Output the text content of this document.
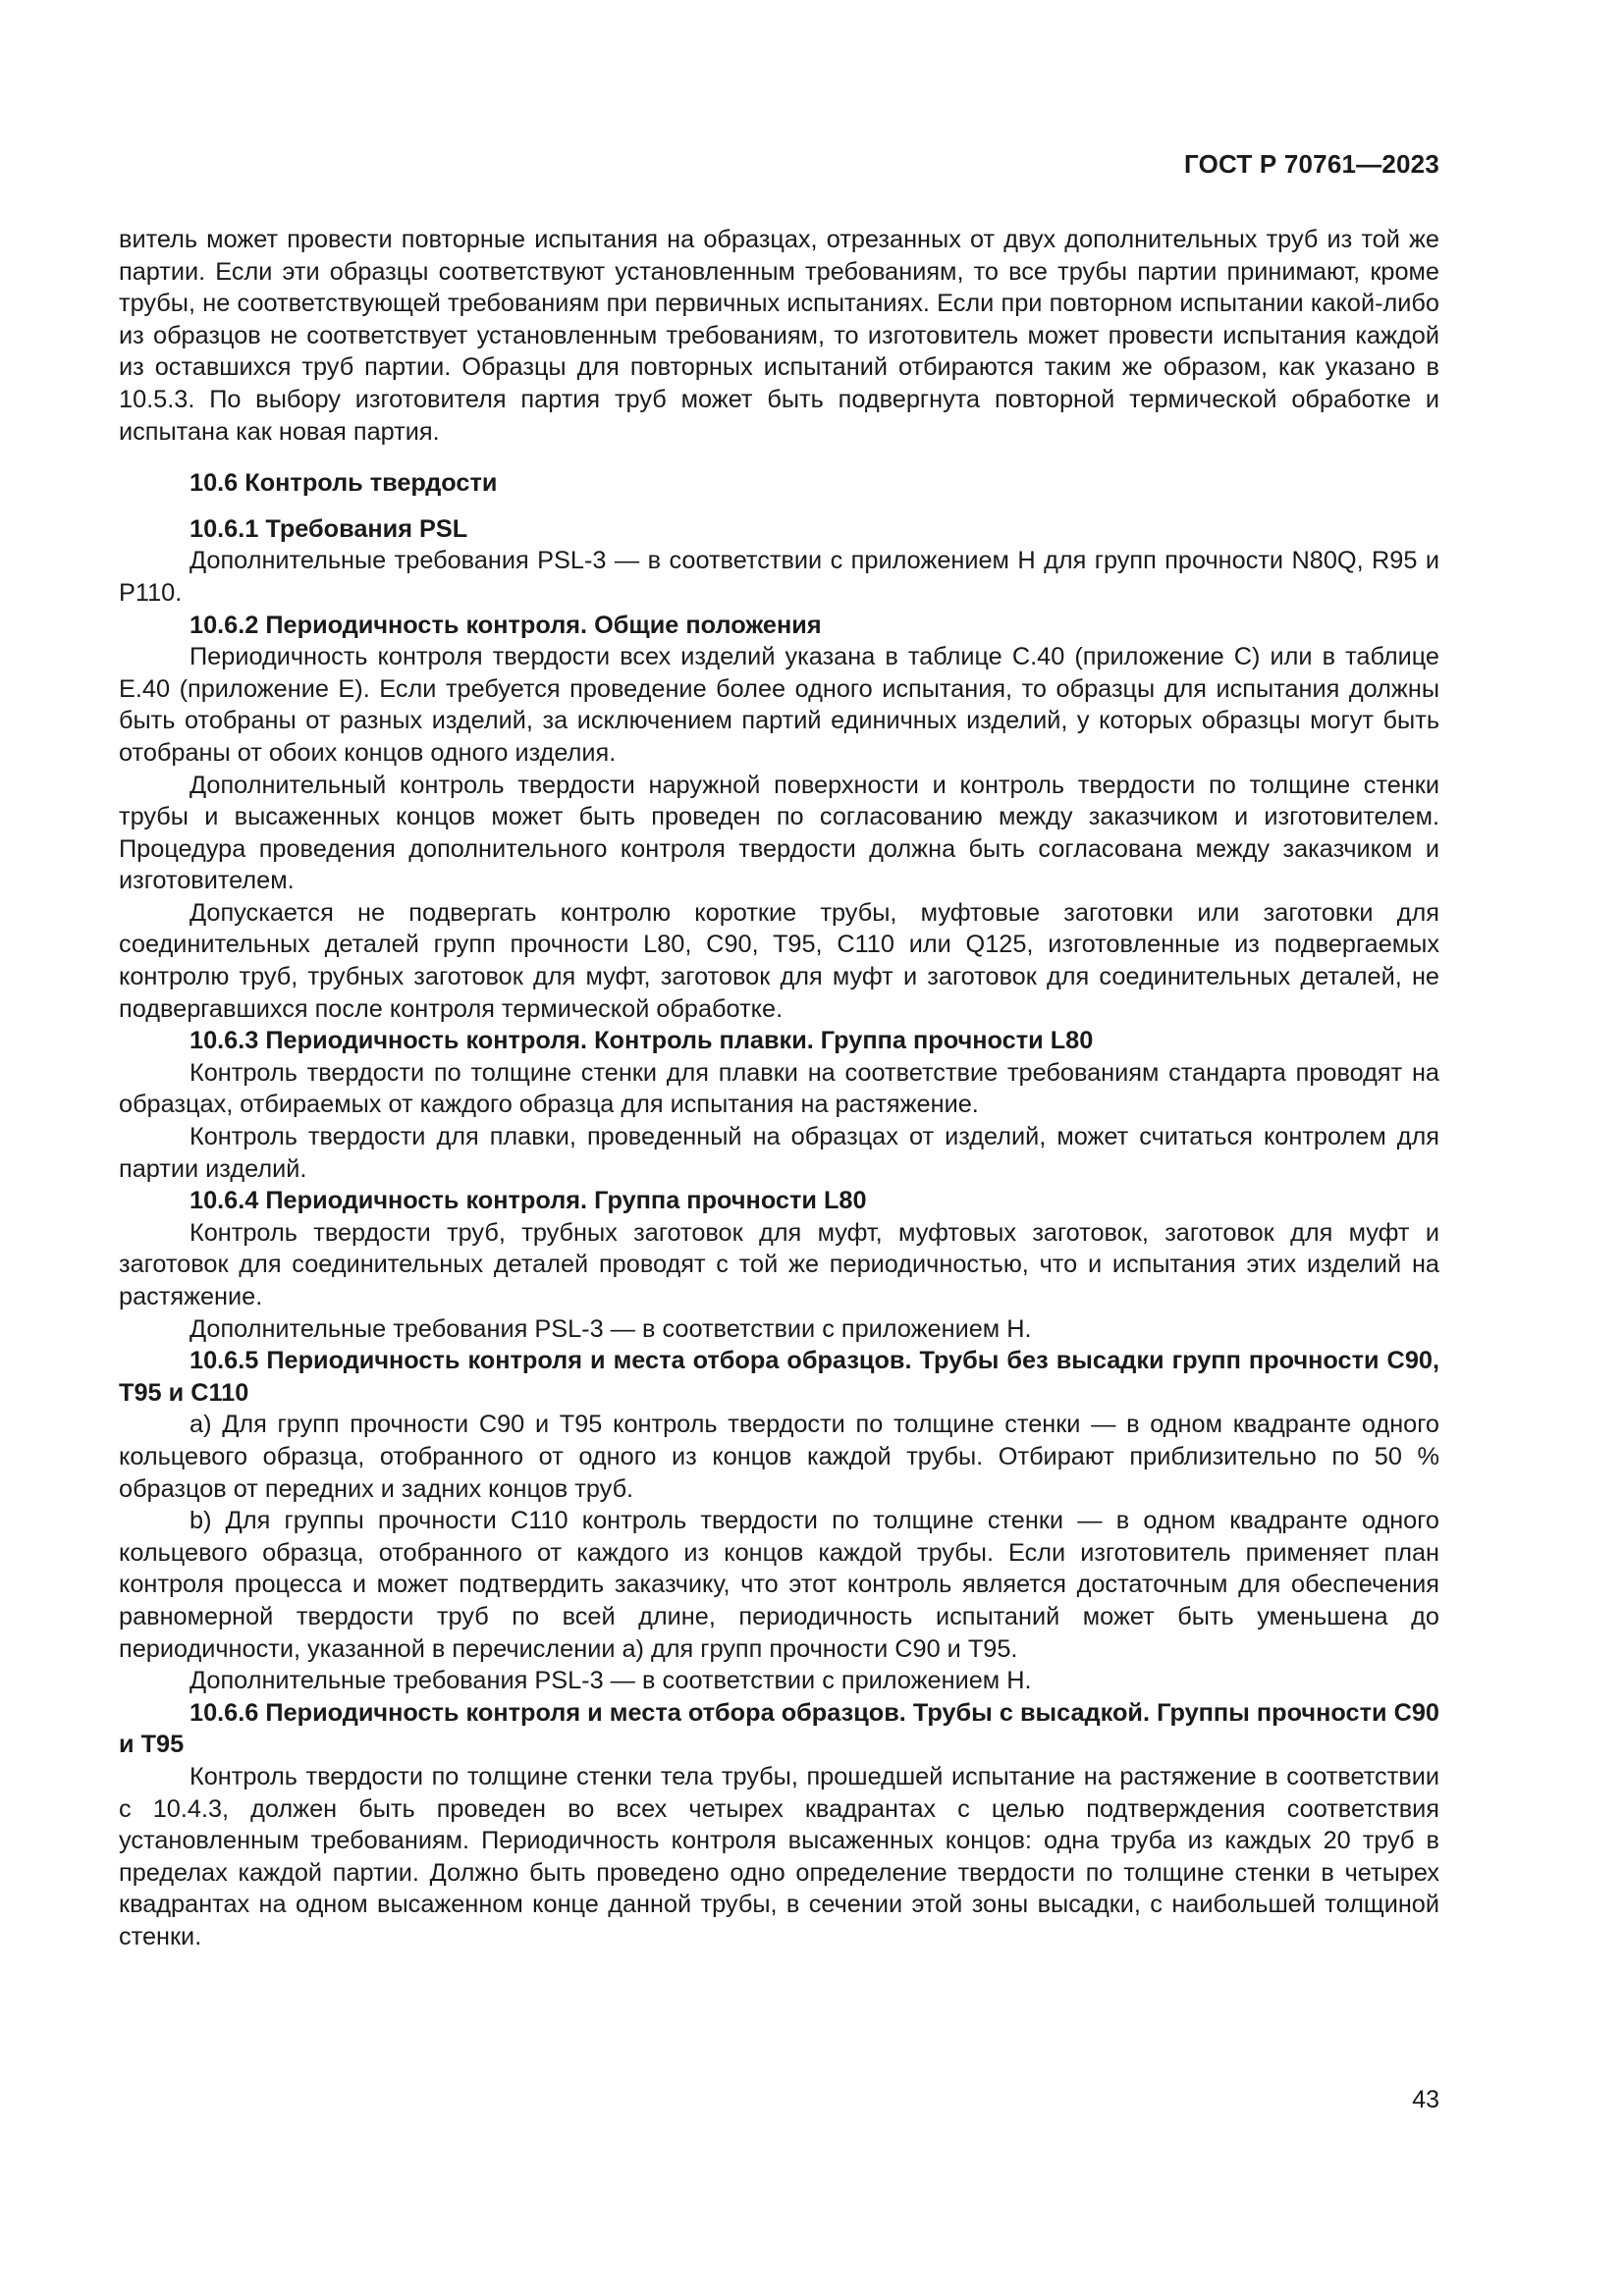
ГОСТ Р 70761—2023

витель может провести повторные испытания на образцах, отрезанных от двух дополнительных труб из той же партии. Если эти образцы соответствуют установленным требованиям, то все трубы партии принимают, кроме трубы, не соответствующей требованиям при первичных испытаниях. Если при повторном испытании какой-либо из образцов не соответствует установленным требованиям, то изготовитель может провести испытания каждой из оставшихся труб партии. Образцы для повторных испытаний отбираются таким же образом, как указано в 10.5.3. По выбору изготовителя партия труб может быть подвергнута повторной термической обработке и испытана как новая партия.

10.6 Контроль твердости

10.6.1 Требования PSL

Дополнительные требования PSL-3 — в соответствии с приложением Н для групп прочности N80Q, R95 и P110.

10.6.2 Периодичность контроля. Общие положения

Периодичность контроля твердости всех изделий указана в таблице С.40 (приложение С) или в таблице Е.40 (приложение Е). Если требуется проведение более одного испытания, то образцы для испытания должны быть отобраны от разных изделий, за исключением партий единичных изделий, у которых образцы могут быть отобраны от обоих концов одного изделия.

Дополнительный контроль твердости наружной поверхности и контроль твердости по толщине стенки трубы и высаженных концов может быть проведен по согласованию между заказчиком и изготовителем. Процедура проведения дополнительного контроля твердости должна быть согласована между заказчиком и изготовителем.

Допускается не подвергать контролю короткие трубы, муфтовые заготовки или заготовки для соединительных деталей групп прочности L80, C90, T95, C110 или Q125, изготовленные из подвергаемых контролю труб, трубных заготовок для муфт, заготовок для муфт и заготовок для соединительных деталей, не подвергавшихся после контроля термической обработке.

10.6.3 Периодичность контроля. Контроль плавки. Группа прочности L80

Контроль твердости по толщине стенки для плавки на соответствие требованиям стандарта проводят на образцах, отбираемых от каждого образца для испытания на растяжение.

Контроль твердости для плавки, проведенный на образцах от изделий, может считаться контролем для партии изделий.

10.6.4 Периодичность контроля. Группа прочности L80

Контроль твердости труб, трубных заготовок для муфт, муфтовых заготовок, заготовок для муфт и заготовок для соединительных деталей проводят с той же периодичностью, что и испытания этих изделий на растяжение.

Дополнительные требования PSL-3 — в соответствии с приложением Н.

10.6.5 Периодичность контроля и места отбора образцов. Трубы без высадки групп прочности С90, Т95 и С110

a) Для групп прочности С90 и Т95 контроль твердости по толщине стенки — в одном квадранте одного кольцевого образца, отобранного от одного из концов каждой трубы. Отбирают приблизительно по 50 % образцов от передних и задних концов труб.

b) Для группы прочности С110 контроль твердости по толщине стенки — в одном квадранте одного кольцевого образца, отобранного от каждого из концов каждой трубы. Если изготовитель применяет план контроля процесса и может подтвердить заказчику, что этот контроль является достаточным для обеспечения равномерной твердости труб по всей длине, периодичность испытаний может быть уменьшена до периодичности, указанной в перечислении а) для групп прочности С90 и Т95.

Дополнительные требования PSL-3 — в соответствии с приложением Н.

10.6.6 Периодичность контроля и места отбора образцов. Трубы с высадкой. Группы прочности С90 и Т95

Контроль твердости по толщине стенки тела трубы, прошедшей испытание на растяжение в соответствии с 10.4.3, должен быть проведен во всех четырех квадрантах с целью подтверждения соответствия установленным требованиям. Периодичность контроля высаженных концов: одна труба из каждых 20 труб в пределах каждой партии. Должно быть проведено одно определение твердости по толщине стенки в четырех квадрантах на одном высаженном конце данной трубы, в сечении этой зоны высадки, с наибольшей толщиной стенки.

43
